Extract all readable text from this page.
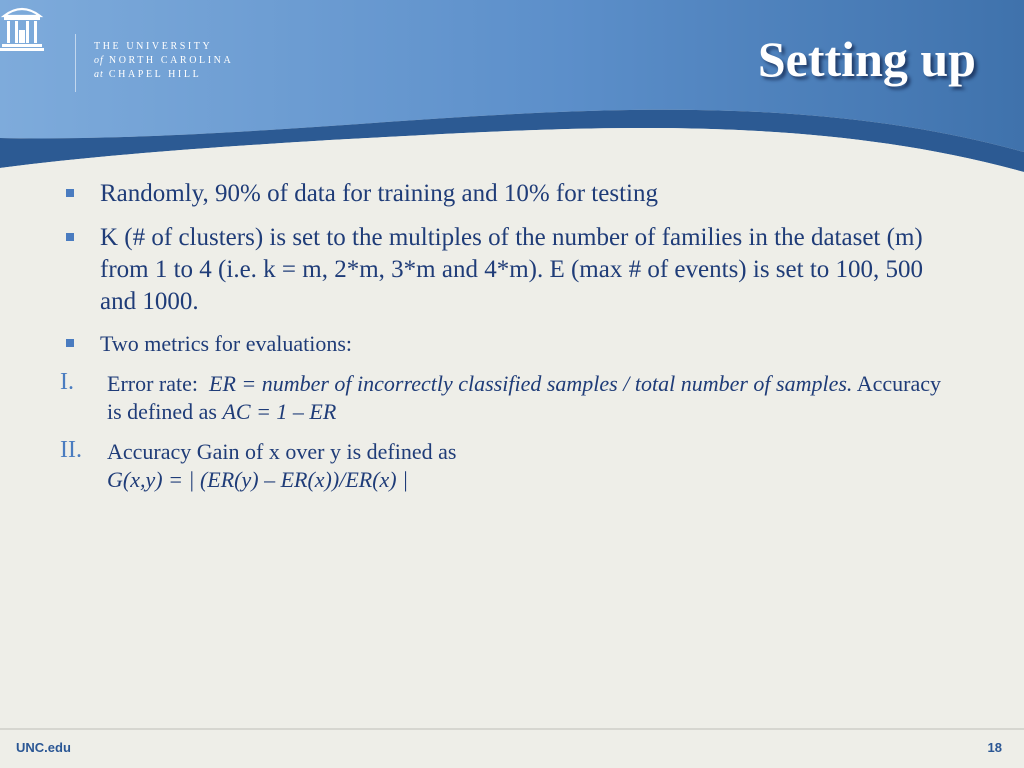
THE UNIVERSITY
of NORTH CAROLINA
at CHAPEL HILL	Setting up
Randomly, 90% of data for training and 10% for testing
K (# of clusters) is set to the multiples of the number of families in the dataset (m) from 1 to 4 (i.e. k = m, 2*m, 3*m and 4*m). E (max # of events) is set to 100, 500 and 1000.
Two metrics for evaluations:
I. Error rate: ER = number of incorrectly classified samples / total number of samples. Accuracy is defined as AC = 1 – ER
II. Accuracy Gain of x over y is defined as
G(x,y) = | (ER(y) – ER(x))/ER(x) |
UNC.edu	18
